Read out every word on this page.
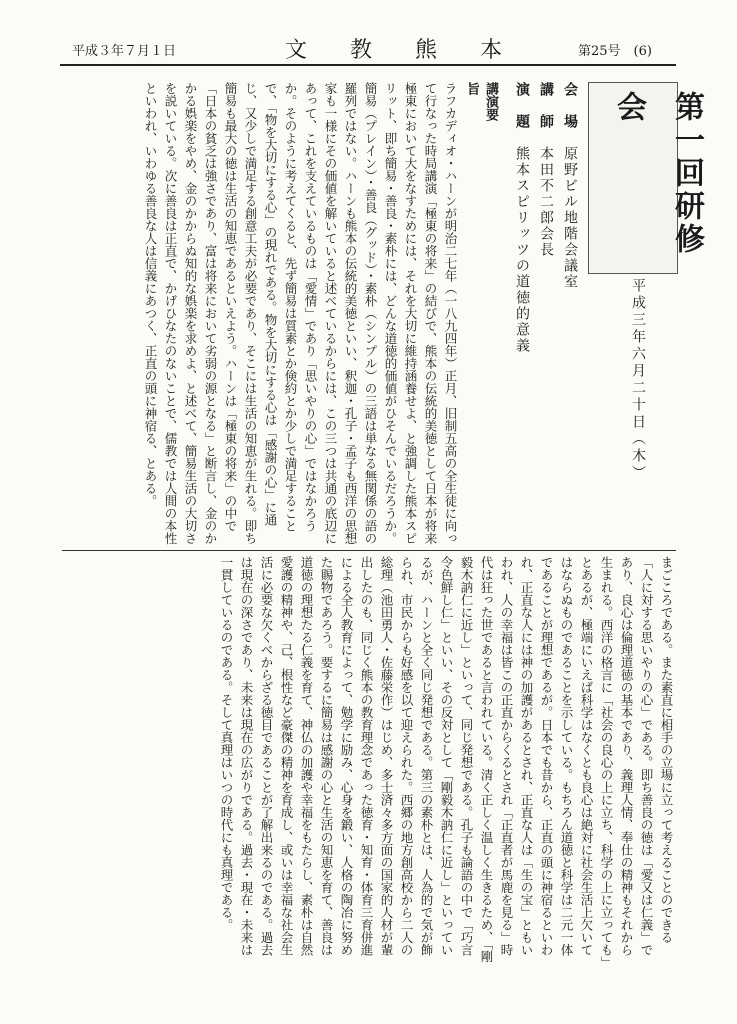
平成３年７月１日	文 教 熊 本	第25号　(6)
第一回研修会
平成三年六月二十日（木）
会　場　原野ビル地階会議室
講　師　本田不二郎会長
演　題　熊本スピリッツの道徳的意義
講演要旨
ラフカディオ・ハーンが明治二七年（一八九四年）正月、旧制五高の全生徒に向って行なった時局講演「極東の将来」の結びで、熊本の伝統的美徳として日本が将来極東において大をなすためには、それを大切に維持涵養せよ、と強調した熊本スピリット、即ち簡易・善良・素朴には、どんな道徳的価値がひそんでいるだろうか。簡易（プレイン）・善良（グッド）・素朴（シンプル）の三語は単なる無関係の語の羅列ではない。ハーンも熊本の伝統的美徳といい、釈迦・孔子・孟子も西洋の思想家も一様にその価値を解いていると述べているからには、この三つは共通の底辺にあって、これを支えているものは「愛情」であり「思いやりの心」ではなかろうか。そのように考えてくると、先ず簡易は質素とか倹約とか少しで満足することで、「物を大切にする心」の現れである。物を大切にする心は「感謝の心」に通じ、又少しで満足する創意工夫が必要であり、そこには生活の知恵が生れる。即ち簡易も最大の徳は生活の知恵であるといえよう。ハーンは「極東の将来」の中で「日本の貧乏は強さであり、富は将来において劣弱の源となる」と断言し、金のかかる娯楽をやめ、金のかからぬ知的な娯楽を求めよ、と述べて、簡易生活の大切さを説いている。次に善良は正直で、かげひなたのないことで、儒教では人間の本性といわれ、いわゆる善良な人は信義にあつく、正直の頭に神宿る、とある。
まごころである。また素直に相手の立場に立って考えることのできる「人に対する思いやりの心」である。即ち善良の徳は「愛又は仁義」であり、良心は倫理道徳の基本であり、義理人情、奉仕の精神もそれから生まれる。西洋の格言に「社会の良心の上に立ち、科学の上に立っても」とあるが、極端にいえば科学はなくとも良心は絶対に社会生活上欠いてはならぬものであることを示している。もちろん道徳と科学は二元一体であることが理想であるが。日本でも昔から、正直の頭に神宿るといわれ、正直な人には神の加護があるとされ、正直な人は「生の宝」ともいわれ、人の幸福は皆この正直からくるとされ「正直者が馬鹿を見る」時代は狂った世であると言われている。清く正しく温しく生きるため、「剛毅木訥仁に近し」といって、同じ発想である。孔子も論語の中で「巧言令色鮮し仁」といい、その反対として「剛毅木訥仁に近し」といっているが、ハーンと全く同じ発想である。第三の素朴とは、人為的で気が飾られ、市民からも好感を以て迎えられた。西郷の地方創高校から二人の総理（池田勇人・佐藤栄作）はじめ、多士済々多方面の国家的人材が輩出したのも、同じく熊本の教育理念であった徳育・知育・体育三育併進による全人教育によって、勉学に励み、心身を鍛い、人格の陶冶に努めた賜物であろう。要するに簡易は感謝の心と生活の知恵を育て、善良は道徳の理想たる仁義を育て、神仏の加護や幸福をもたらし、素朴は自然愛護の精神や、己、根性など豪傑の精神を育成し、或いは幸福な社会生活に必要な欠くべからざる徳目であることが了解出来るのである。過去は現在の深さであり、未来は現在の広がりである。過去・現在・未来は一貫しているのである。そして真理はいつの時代にも真理である。
